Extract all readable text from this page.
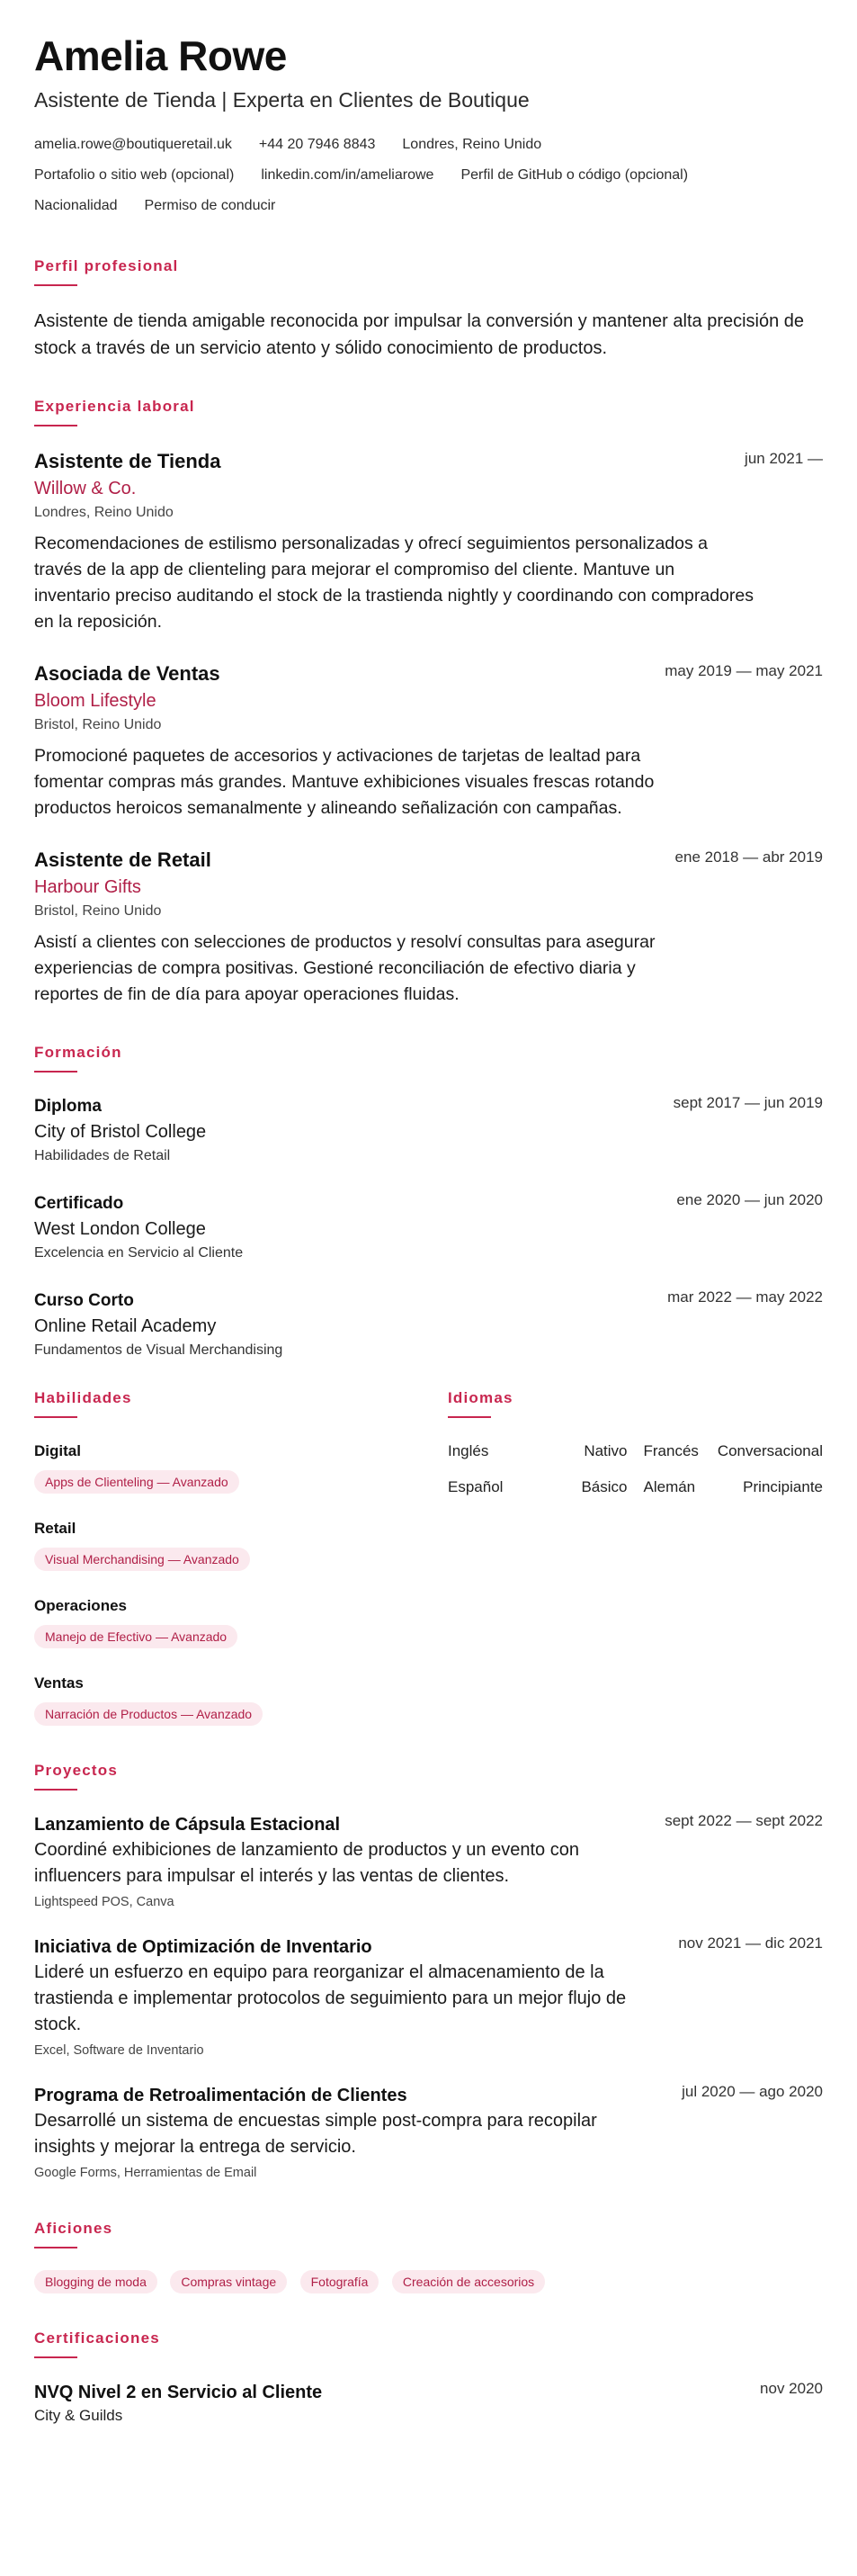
Amelia Rowe
Asistente de Tienda | Experta en Clientes de Boutique
amelia.rowe@boutiqueretail.uk +44 20 7946 8843 Londres, Reino Unido
Portafolio o sitio web (opcional) linkedin.com/in/ameliarowe Perfil de GitHub o código (opcional)
Nacionalidad Permiso de conducir
Perfil profesional
Asistente de tienda amigable reconocida por impulsar la conversión y mantener alta precisión de stock a través de un servicio atento y sólido conocimiento de productos.
Experiencia laboral
jun 2021 —
Asistente de Tienda
Willow & Co.
Londres, Reino Unido
Recomendaciones de estilismo personalizadas y ofrecí seguimientos personalizados a través de la app de clienteling para mejorar el compromiso del cliente. Mantuve un inventario preciso auditando el stock de la trastienda nightly y coordinando con compradores en la reposición.
may 2019 — may 2021
Asociada de Ventas
Bloom Lifestyle
Bristol, Reino Unido
Promocioné paquetes de accesorios y activaciones de tarjetas de lealtad para fomentar compras más grandes. Mantuve exhibiciones visuales frescas rotando productos heroicos semanalmente y alineando señalización con campañas.
ene 2018 — abr 2019
Asistente de Retail
Harbour Gifts
Bristol, Reino Unido
Asistí a clientes con selecciones de productos y resolví consultas para asegurar experiencias de compra positivas. Gestioné reconciliación de efectivo diaria y reportes de fin de día para apoyar operaciones fluidas.
Formación
sept 2017 — jun 2019
Diploma
City of Bristol College
Habilidades de Retail
ene 2020 — jun 2020
Certificado
West London College
Excelencia en Servicio al Cliente
mar 2022 — may 2022
Curso Corto
Online Retail Academy
Fundamentos de Visual Merchandising
Habilidades
Digital
Apps de Clienteling — Avanzado
Retail
Visual Merchandising — Avanzado
Operaciones
Manejo de Efectivo — Avanzado
Ventas
Narración de Productos — Avanzado
Idiomas
Inglés	Nativo Francés Conversacional
Español	Básico Alemán	Principiante
Proyectos
sept 2022 — sept 2022
Lanzamiento de Cápsula Estacional
Coordiné exhibiciones de lanzamiento de productos y un evento con influencers para impulsar el interés y las ventas de clientes.
Lightspeed POS, Canva
nov 2021 — dic 2021
Iniciativa de Optimización de Inventario
Lideré un esfuerzo en equipo para reorganizar el almacenamiento de la trastienda e implementar protocolos de seguimiento para un mejor flujo de stock.
Excel, Software de Inventario
jul 2020 — ago 2020
Programa de Retroalimentación de Clientes
Desarrollé un sistema de encuestas simple post-compra para recopilar insights y mejorar la entrega de servicio.
Google Forms, Herramientas de Email
Aficiones
Blogging de moda	Compras vintage	Fotografía	Creación de accesorios
Certificaciones
nov 2020
NVQ Nivel 2 en Servicio al Cliente
City & Guilds
